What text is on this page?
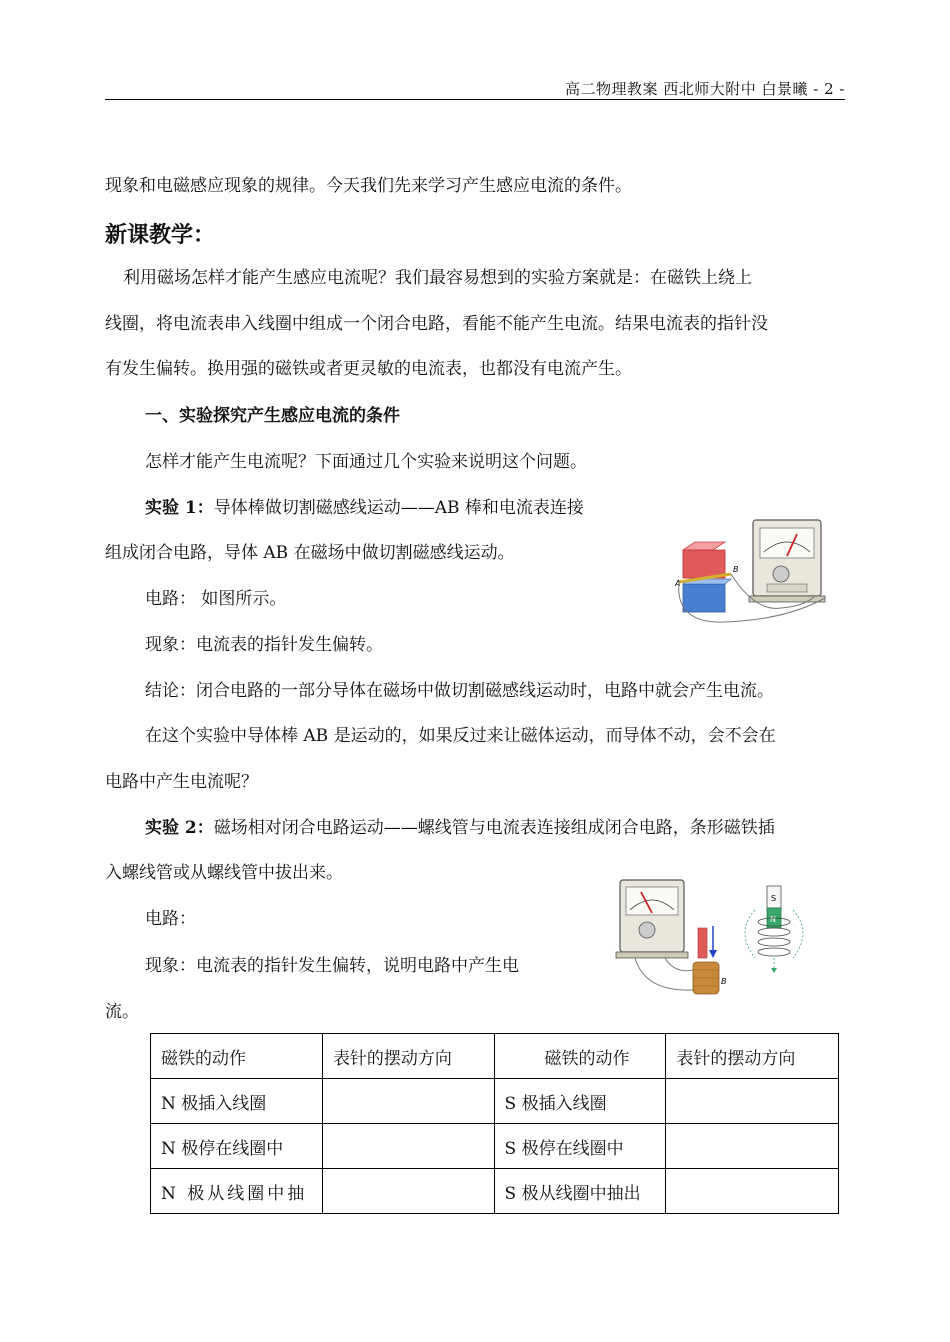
高二物理教案 西北师大附中 白景曦 - 2 -
现象和电磁感应现象的规律。今天我们先来学习产生感应电流的条件。
新课教学：
利用磁场怎样才能产生感应电流呢？我们最容易想到的实验方案就是：在磁铁上绕上
线圈，将电流表串入线圈中组成一个闭合电路，看能不能产生电流。结果电流表的指针没
有发生偏转。换用强的磁铁或者更灵敏的电流表，也都没有电流产生。
一、实验探究产生感应电流的条件
怎样才能产生电流呢？下面通过几个实验来说明这个问题。
实验 1：导体棒做切割磁感线运动——AB 棒和电流表连接
组成闭合电路，导体 AB 在磁场中做切割磁感线运动。
电路： 如图所示。
现象：电流表的指针发生偏转。
结论：闭合电路的一部分导体在磁场中做切割磁感线运动时，电路中就会产生电流。
在这个实验中导体棒 AB 是运动的，如果反过来让磁体运动，而导体不动，会不会在
电路中产生电流呢？
实验 2：磁场相对闭合电路运动——螺线管与电流表连接组成闭合电路，条形磁铁插
入螺线管或从螺线管中拔出来。
电路：
现象：电流表的指针发生偏转，说明电路中产生电
流。
A
B
B
S
N
磁铁的动作	表针的摆动方向	磁铁的动作	表针的摆动方向
N 极插入线圈		S 极插入线圈	
N 极停在线圈中		S 极停在线圈中	
N 极从线圈中抽		S 极从线圈中抽出	
